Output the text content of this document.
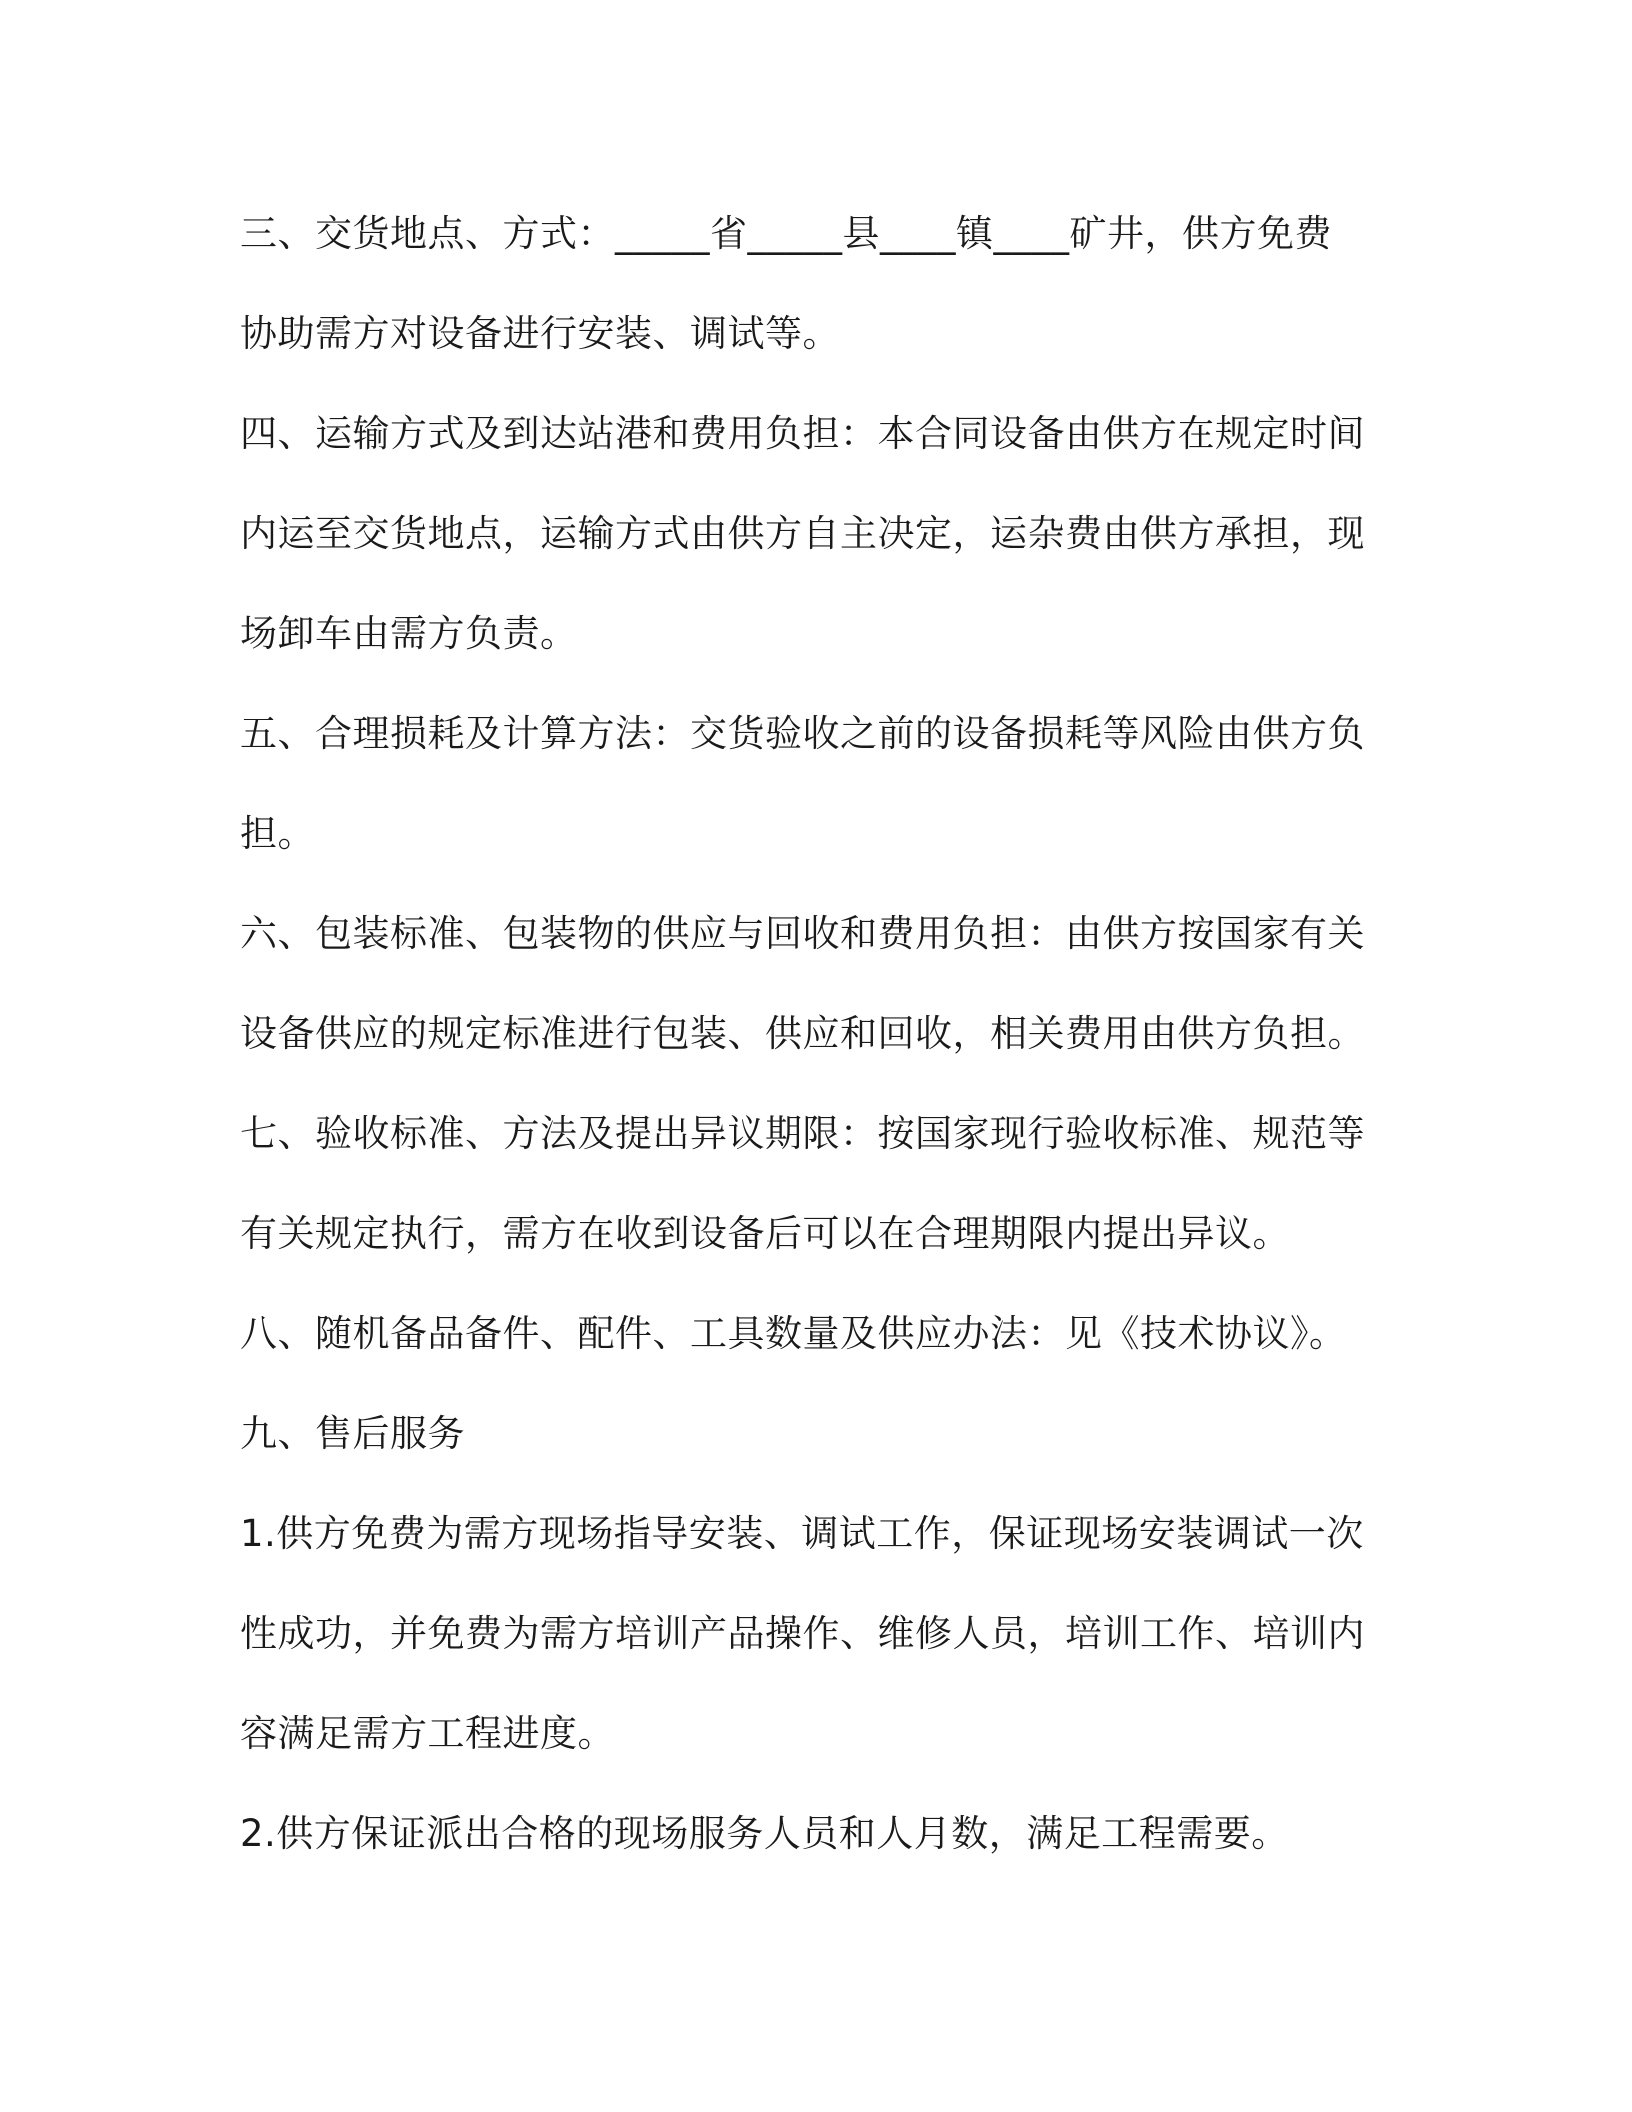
三、交货地点、方式：_____省_____县____镇____矿井，供方免费
协助需方对设备进行安装、调试等。

四、运输方式及到达站港和费用负担：本合同设备由供方在规定时间
内运至交货地点，运输方式由供方自主决定，运杂费由供方承担，现
场卸车由需方负责。

五、合理损耗及计算方法：交货验收之前的设备损耗等风险由供方负
担。

六、包装标准、包装物的供应与回收和费用负担：由供方按国家有关
设备供应的规定标准进行包装、供应和回收，相关费用由供方负担。

七、验收标准、方法及提出异议期限：按国家现行验收标准、规范等
有关规定执行，需方在收到设备后可以在合理期限内提出异议。

八、随机备品备件、配件、工具数量及供应办法：见《技术协议》。

九、售后服务

1.供方免费为需方现场指导安装、调试工作，保证现场安装调试一次
性成功，并免费为需方培训产品操作、维修人员，培训工作、培训内
容满足需方工程进度。

2.供方保证派出合格的现场服务人员和人月数，满足工程需要。
